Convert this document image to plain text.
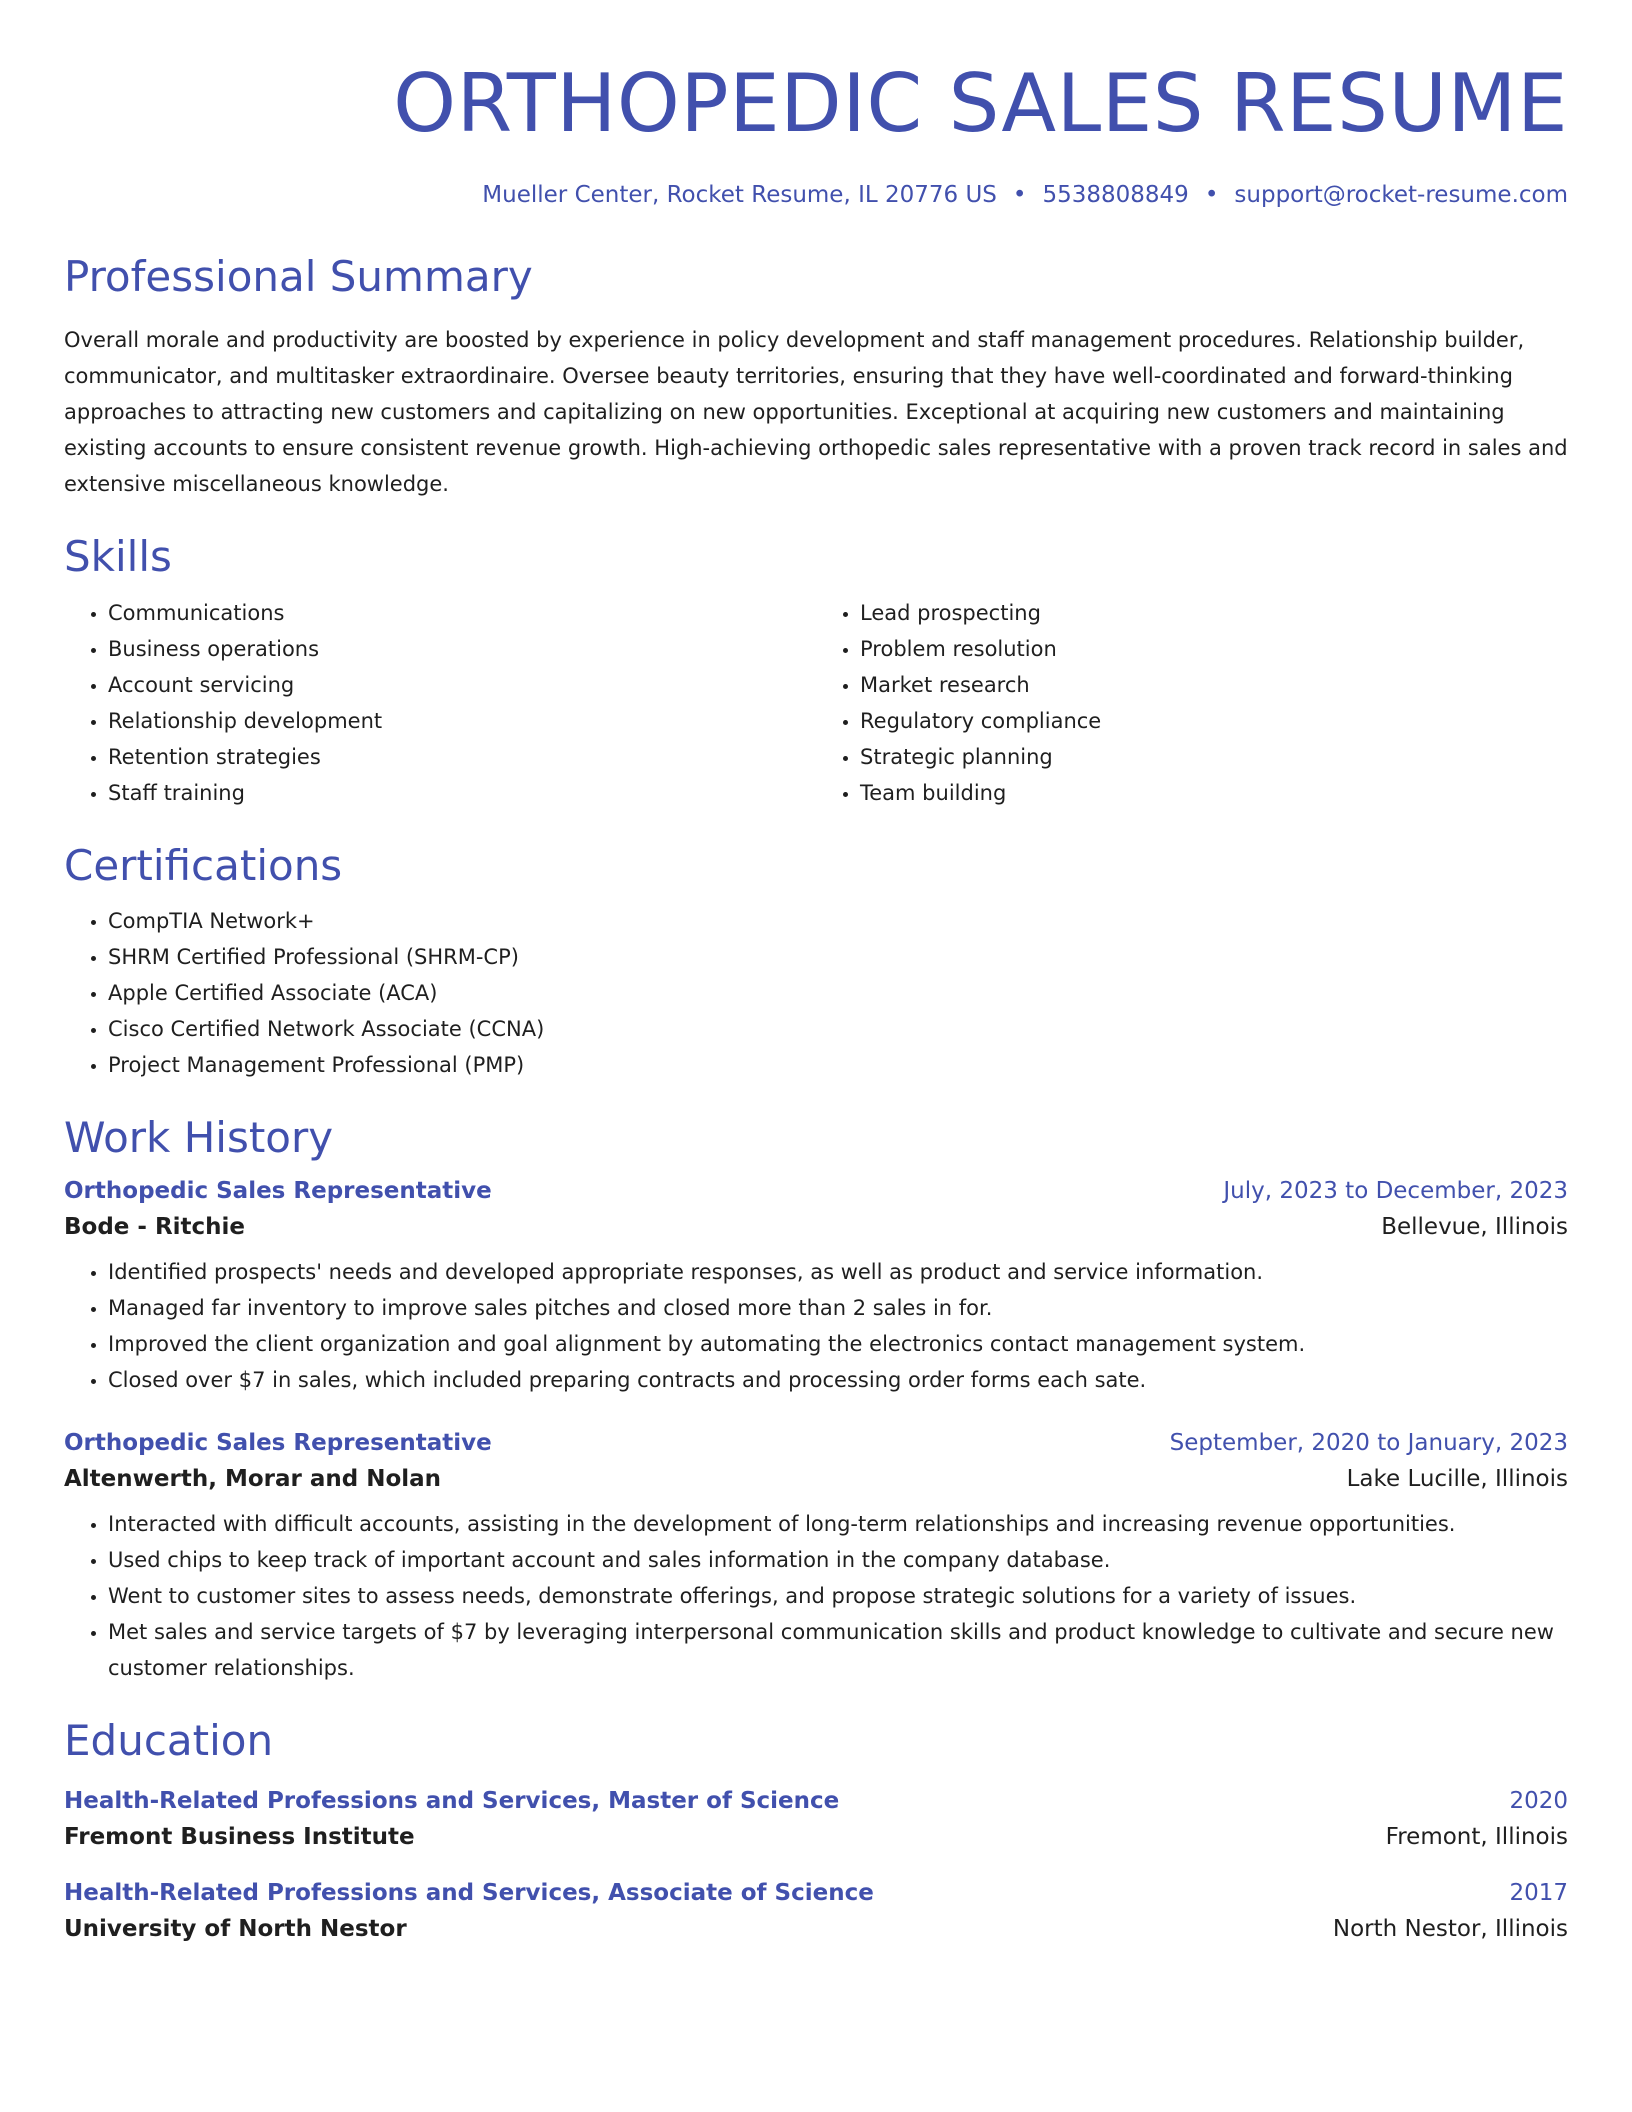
ORTHOPEDIC SALES RESUME
Mueller Center, Rocket Resume, IL 20776 US • 5538808849 • support@rocket-resume.com
Professional Summary

Overall morale and productivity are boosted by experience in policy development and staff management procedures. Relationship builder, communicator, and multitasker extraordinaire. Oversee beauty territories, ensuring that they have well-coordinated and forward-thinking approaches to attracting new customers and capitalizing on new opportunities. Exceptional at acquiring new customers and maintaining existing accounts to ensure consistent revenue growth. High-achieving orthopedic sales representative with a proven track record in sales and extensive miscellaneous knowledge.

Skills
• Communications
• Business operations
• Account servicing
• Relationship development
• Retention strategies
• Staff training
• Lead prospecting
• Problem resolution
• Market research
• Regulatory compliance
• Strategic planning
• Team building
Certifications
• CompTIA Network+
• SHRM Certified Professional (SHRM-CP)
• Apple Certified Associate (ACA)
• Cisco Certified Network Associate (CCNA)
• Project Management Professional (PMP)
Work History
Orthopedic Sales Representative	July, 2023 to December, 2023
Bode - Ritchie	Bellevue, Illinois
• Identified prospects' needs and developed appropriate responses, as well as product and service information.
• Managed far inventory to improve sales pitches and closed more than 2 sales in for.
• Improved the client organization and goal alignment by automating the electronics contact management system.
• Closed over $7 in sales, which included preparing contracts and processing order forms each sate.
Orthopedic Sales Representative	September, 2020 to January, 2023
Altenwerth, Morar and Nolan	Lake Lucille, Illinois
• Interacted with difficult accounts, assisting in the development of long-term relationships and increasing revenue opportunities.
• Used chips to keep track of important account and sales information in the company database.
• Went to customer sites to assess needs, demonstrate offerings, and propose strategic solutions for a variety of issues.
• Met sales and service targets of $7 by leveraging interpersonal communication skills and product knowledge to cultivate and secure new customer relationships.
Education
Health-Related Professions and Services, Master of Science	2020
Fremont Business Institute	Fremont, Illinois
Health-Related Professions and Services, Associate of Science	2017
University of North Nestor	North Nestor, Illinois
